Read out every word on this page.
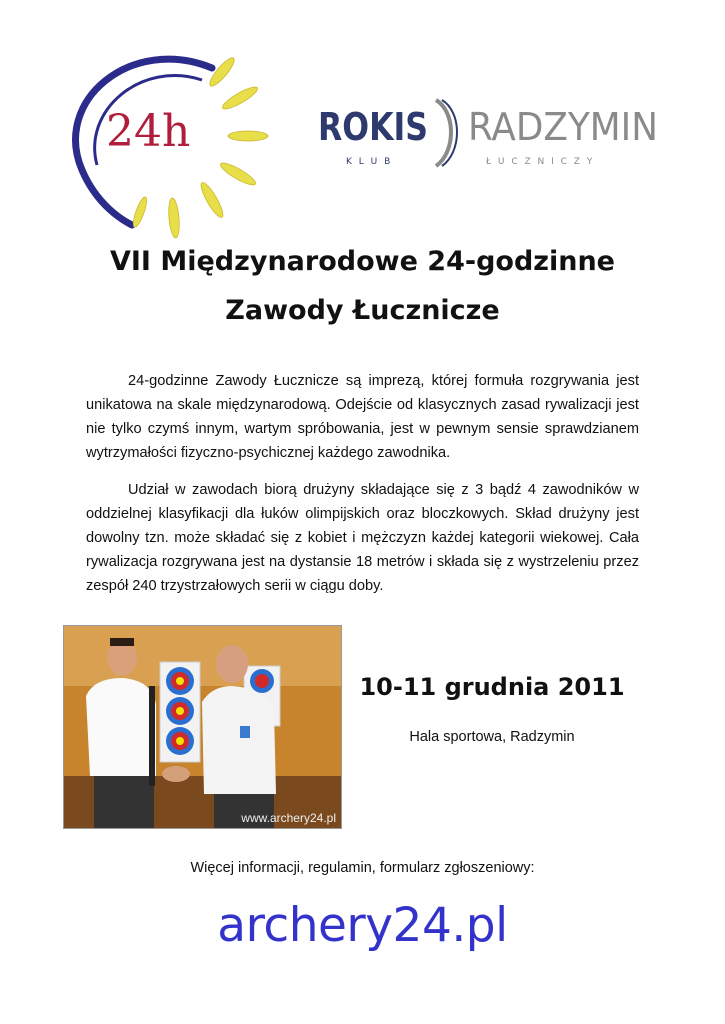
24h	ROKIS RADZYMIN
K L U B	Ł U C Z N I C Z Y
VII Międzynarodowe 24-godzinne
Zawody Łucznicze
24-godzinne Zawody Łucznicze są imprezą, której formuła rozgrywania jest unikatowa na skale międzynarodową. Odejście od klasycznych zasad rywalizacji jest nie tylko czymś innym, wartym spróbowania, jest w pewnym sensie sprawdzianem wytrzymałości fizyczno-psychicznej każdego zawodnika.
Udział w zawodach biorą drużyny składające się z 3 bądź 4 zawodników w oddzielnej klasyfikacji dla łuków olimpijskich oraz bloczkowych. Skład drużyny jest dowolny tzn. może składać się z kobiet i mężczyzn każdej kategorii wiekowej. Cała rywalizacja rozgrywana jest na dystansie 18 metrów i składa się z wystrzeleniu przez zespół 240 trzystrzałowych serii w ciągu doby.
www.archery24.pl
10-11 grudnia 2011
Hala sportowa, Radzymin
Więcej informacji, regulamin, formularz zgłoszeniowy:
archery24.pl
